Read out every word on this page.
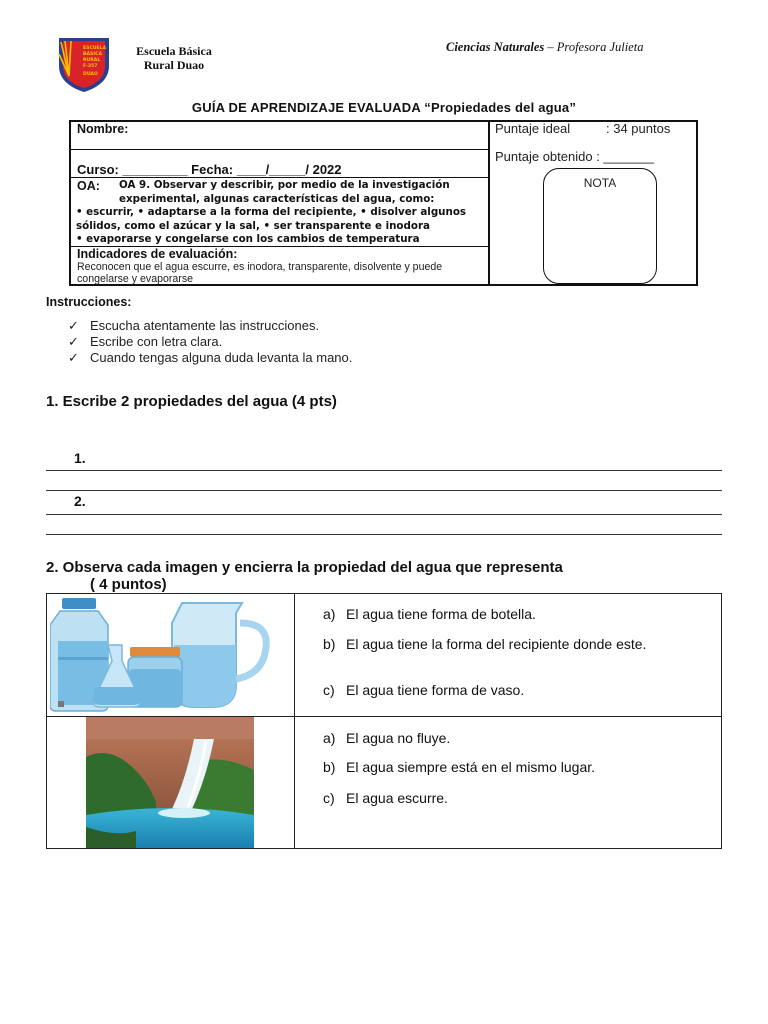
ESCUELA
BÁSICA
RURAL
F-357
DUAO
Escuela Básica
Rural Duao
Ciencias Naturales – Profesora Julieta
GUÍA DE APRENDIZAJE EVALUADA “Propiedades del agua”
Nombre:
Curso: _________ Fecha: ____/_____/ 2022
OA: OA 9. Observar y describir, por medio de la investigación experimental, algunas características del agua, como:
• escurrir, • adaptarse a la forma del recipiente, • disolver algunos sólidos, como el azúcar y la sal, • ser transparente e inodora
• evaporarse y congelarse con los cambios de temperatura
Indicadores de evaluación:
Reconocen que el agua escurre, es inodora, transparente, disolvente y puede congelarse y evaporarse
Puntaje ideal	: 34 puntos
Puntaje obtenido : _______
NOTA
Instrucciones:
✓ Escucha atentamente las instrucciones.
✓ Escribe con letra clara.
✓ Cuando tengas alguna duda levanta la mano.
1. Escribe 2 propiedades del agua (4 pts)
1.
2.
2. Observa cada imagen y encierra la propiedad del agua que representa
( 4 puntos)
a) El agua tiene forma de botella.
b) El agua tiene la forma del recipiente donde este.
c) El agua tiene forma de vaso.
a) El agua no fluye.
b) El agua siempre está en el mismo lugar.
c) El agua escurre.
